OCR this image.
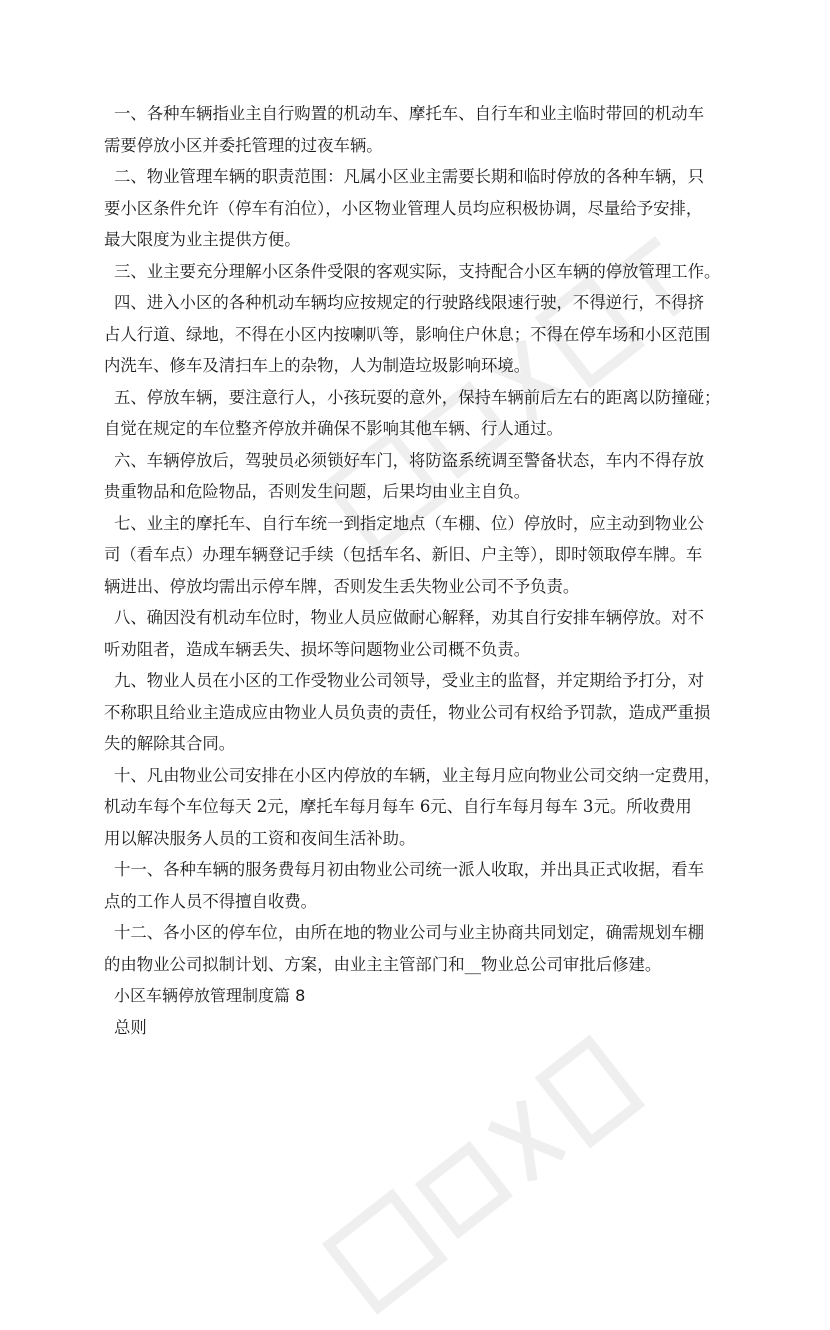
一、各种车辆指业主自行购置的机动车、摩托车、自行车和业主临时带回的机动车
需要停放小区并委托管理的过夜车辆。

二、物业管理车辆的职责范围：凡属小区业主需要长期和临时停放的各种车辆，只
要小区条件允许（停车有泊位），小区物业管理人员均应积极协调，尽量给予安排，
最大限度为业主提供方便。

三、业主要充分理解小区条件受限的客观实际，支持配合小区车辆的停放管理工作。

四、进入小区的各种机动车辆均应按规定的行驶路线限速行驶，不得逆行，不得挤
占人行道、绿地，不得在小区内按喇叭等，影响住户休息；不得在停车场和小区范围
内洗车、修车及清扫车上的杂物，人为制造垃圾影响环境。

五、停放车辆，要注意行人，小孩玩耍的意外，保持车辆前后左右的距离以防撞碰；
自觉在规定的车位整齐停放并确保不影响其他车辆、行人通过。

六、车辆停放后，驾驶员必须锁好车门，将防盗系统调至警备状态，车内不得存放
贵重物品和危险物品，否则发生问题，后果均由业主自负。

七、业主的摩托车、自行车统一到指定地点（车棚、位）停放时，应主动到物业公
司（看车点）办理车辆登记手续（包括车名、新旧、户主等），即时领取停车牌。车
辆进出、停放均需出示停车牌，否则发生丢失物业公司不予负责。

八、确因没有机动车位时，物业人员应做耐心解释，劝其自行安排车辆停放。对不
听劝阻者，造成车辆丢失、损坏等问题物业公司概不负责。

九、物业人员在小区的工作受物业公司领导，受业主的监督，并定期给予打分，对
不称职且给业主造成应由物业人员负责的责任，物业公司有权给予罚款，造成严重损
失的解除其合同。

十、凡由物业公司安排在小区内停放的车辆，业主每月应向物业公司交纳一定费用，
机动车每个车位每天 2元，摩托车每月每车 6元、自行车每月每车 3元。所收费用
用以解决服务人员的工资和夜间生活补助。

十一、各种车辆的服务费每月初由物业公司统一派人收取，并出具正式收据，看车
点的工作人员不得擅自收费。

十二、各小区的停车位，由所在地的物业公司与业主协商共同划定，确需规划车棚
的由物业公司拟制计划、方案，由业主主管部门和__物业总公司审批后修建。

小区车辆停放管理制度篇 8

总则
